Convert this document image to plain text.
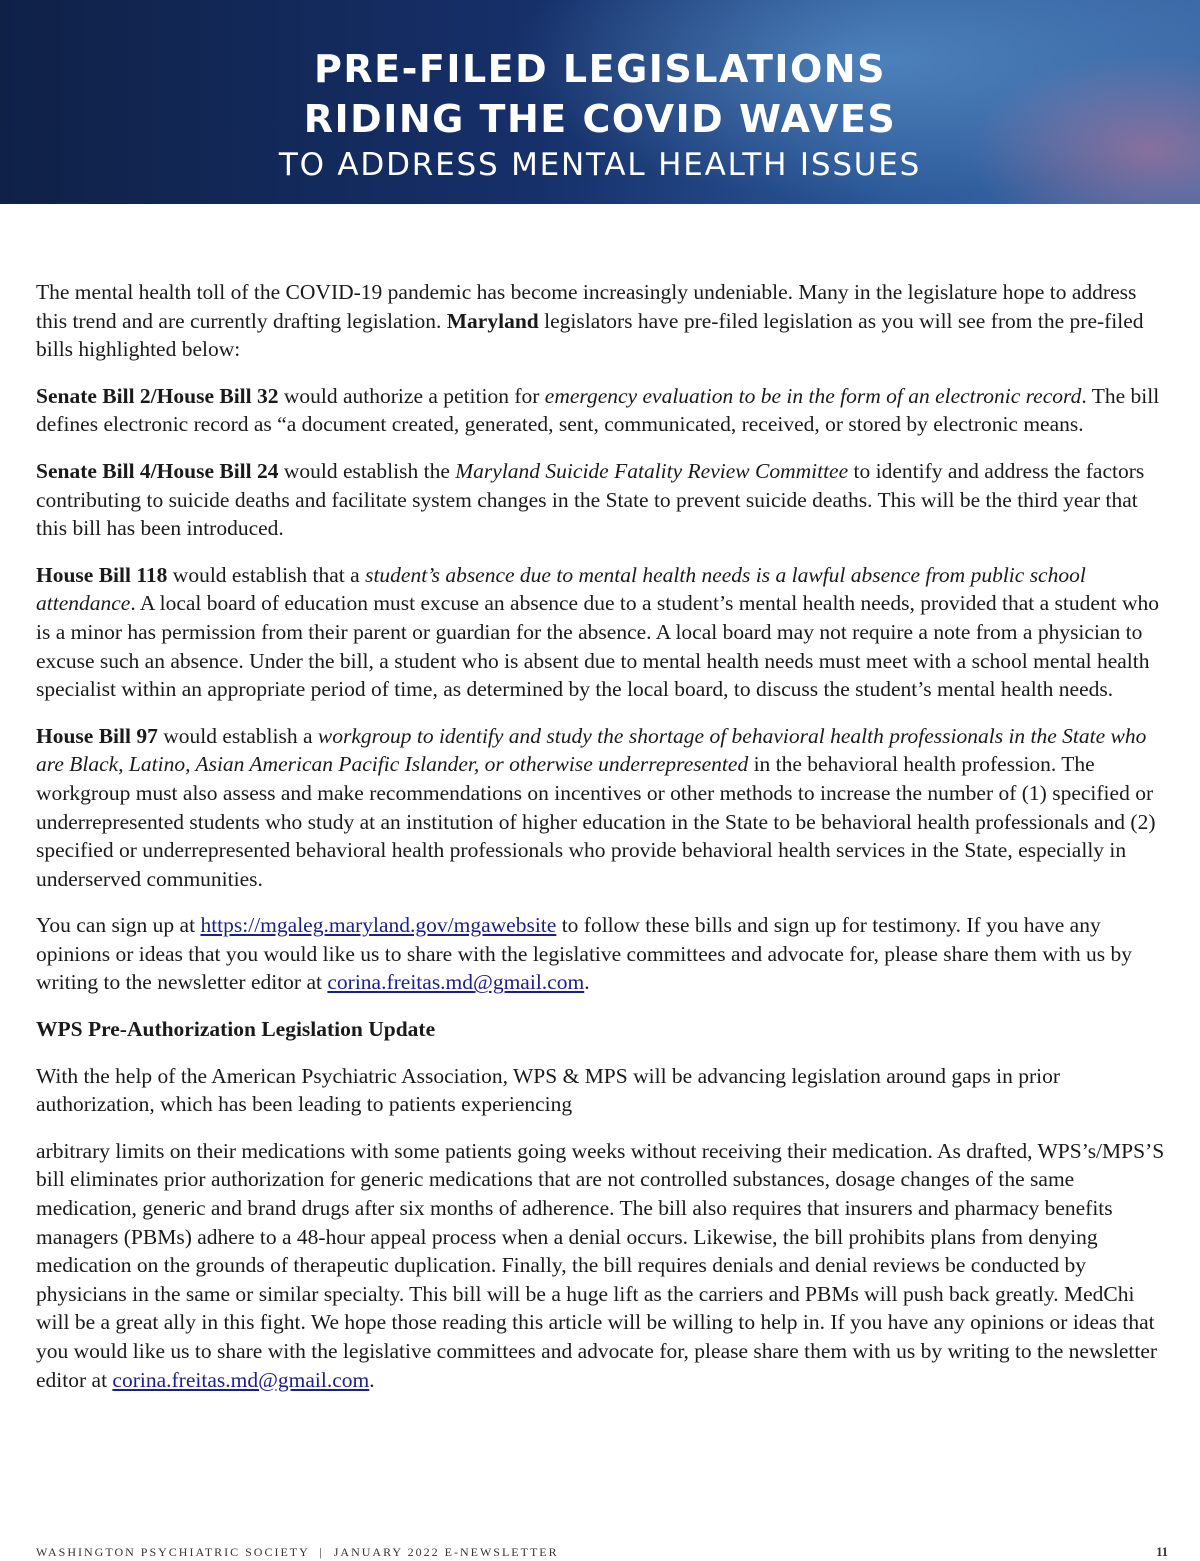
PRE-FILED LEGISLATIONS
RIDING THE COVID WAVES
TO ADDRESS MENTAL HEALTH ISSUES

The mental health toll of the COVID-19 pandemic has become increasingly undeniable. Many in the legislature hope to address this trend and are currently drafting legislation. Maryland legislators have pre-filed legislation as you will see from the pre-filed bills highlighted below:

Senate Bill 2/House Bill 32 would authorize a petition for emergency evaluation to be in the form of an electronic record. The bill defines electronic record as “a document created, generated, sent, communicated, received, or stored by electronic means.

Senate Bill 4/House Bill 24 would establish the Maryland Suicide Fatality Review Committee to identify and address the factors contributing to suicide deaths and facilitate system changes in the State to prevent suicide deaths. This will be the third year that this bill has been introduced.

House Bill 118 would establish that a student’s absence due to mental health needs is a lawful absence from public school attendance. A local board of education must excuse an absence due to a student’s mental health needs, provided that a student who is a minor has permission from their parent or guardian for the absence. A local board may not require a note from a physician to excuse such an absence. Under the bill, a student who is absent due to mental health needs must meet with a school mental health specialist within an appropriate period of time, as determined by the local board, to discuss the student’s mental health needs.

House Bill 97 would establish a workgroup to identify and study the shortage of behavioral health professionals in the State who are Black, Latino, Asian American Pacific Islander, or otherwise underrepresented in the behavioral health profession. The workgroup must also assess and make recommendations on incentives or other methods to increase the number of (1) specified or underrepresented students who study at an institution of higher education in the State to be behavioral health professionals and (2) specified or underrepresented behavioral health professionals who provide behavioral health services in the State, especially in underserved communities.

You can sign up at https://mgaleg.maryland.gov/mgawebsite to follow these bills and sign up for testimony. If you have any opinions or ideas that you would like us to share with the legislative committees and advocate for, please share them with us by writing to the newsletter editor at corina.freitas.md@gmail.com.

WPS Pre-Authorization Legislation Update

With the help of the American Psychiatric Association, WPS & MPS will be advancing legislation around gaps in prior authorization, which has been leading to patients experiencing

arbitrary limits on their medications with some patients going weeks without receiving their medication. As drafted, WPS’s/MPS’S bill eliminates prior authorization for generic medications that are not controlled substances, dosage changes of the same medication, generic and brand drugs after six months of adherence. The bill also requires that insurers and pharmacy benefits managers (PBMs) adhere to a 48-hour appeal process when a denial occurs. Likewise, the bill prohibits plans from denying medication on the grounds of therapeutic duplication. Finally, the bill requires denials and denial reviews be conducted by physicians in the same or similar specialty. This bill will be a huge lift as the carriers and PBMs will push back greatly. MedChi will be a great ally in this fight. We hope those reading this article will be willing to help in. If you have any opinions or ideas that you would like us to share with the legislative committees and advocate for, please share them with us by writing to the newsletter editor at corina.freitas.md@gmail.com.

WASHINGTON PSYCHIATRIC SOCIETY  |  JANUARY 2022 E-NEWSLETTER	11
